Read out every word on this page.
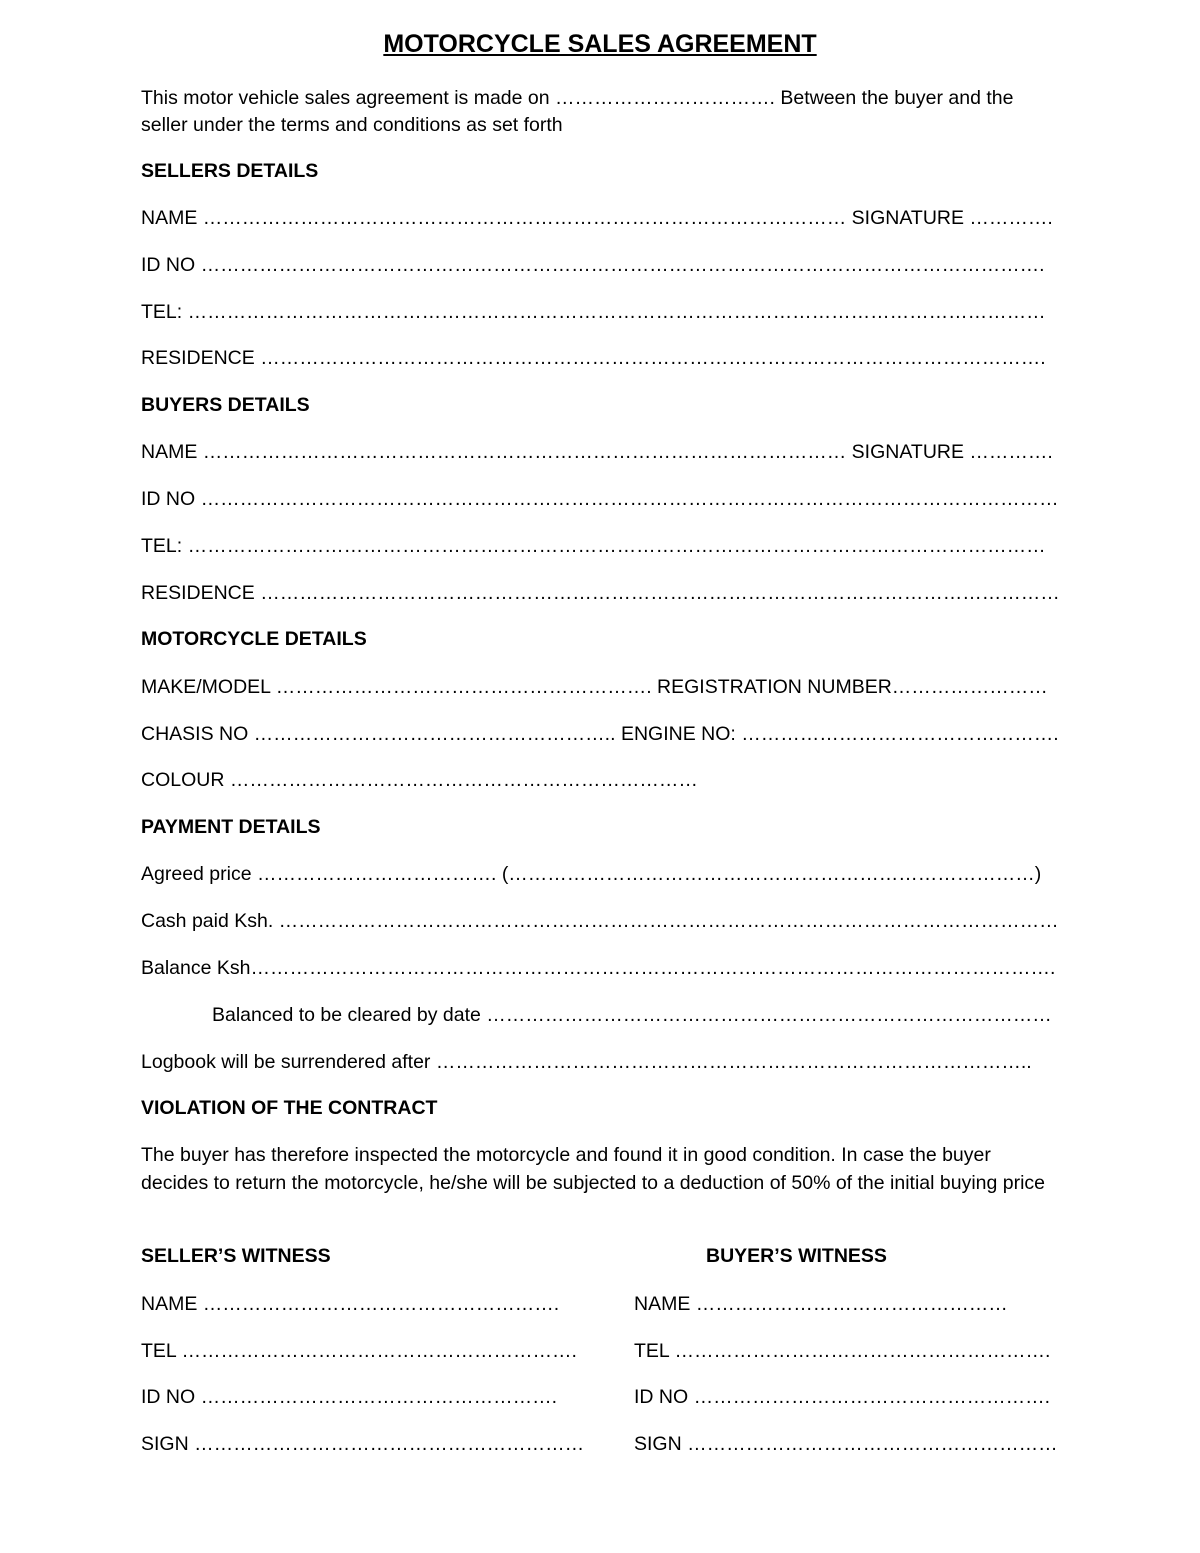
MOTORCYCLE SALES AGREEMENT
This motor vehicle sales agreement is made on ……………………………. Between the buyer and the seller under the terms and conditions as set forth
SELLERS DETAILS
NAME ……………………………………………………………………………………… SIGNATURE ………….
ID NO ………………………………………………………………………………………………………………….
TEL: ……………………………………………………………………………………………………………………
RESIDENCE ………………………………………………………………………………………………………….
BUYERS DETAILS
NAME ……………………………………………………………………………………… SIGNATURE ………….
ID NO ……………………………………………………………………………………………………………………
TEL: ……………………………………………………………………………………………………………………
RESIDENCE ……………………………………………………………………………………………………………
MOTORCYCLE DETAILS
MAKE/MODEL …………………………………………………. REGISTRATION NUMBER……………………
CHASIS NO ……………………………………………….. ENGINE NO: ………………………………………….
COLOUR ………………………………………………………………
PAYMENT DETAILS
Agreed price ………………………………. (………………………………………………………………………)
Cash paid Ksh. …………………………………………………………………………………………………………
Balance Ksh…………………………………………………………………………………………………………….
Balanced to be cleared by date ……………………………………………………………………………
Logbook will be surrendered after ………………………………………………………………………………..
VIOLATION OF THE CONTRACT
The buyer has therefore inspected the motorcycle and found it in good condition. In case the buyer decides to return the motorcycle, he/she will be subjected to a deduction of 50% of the initial buying price
SELLER’S WITNESS	BUYER’S WITNESS
NAME ……………………………………………….	NAME …………………………………………
TEL …………………………………………………….	TEL ………………………………………………….
ID NO ……………………………………………….	ID NO ……………………………………………….
SIGN ……………………………………………………	SIGN …………………………………………………
